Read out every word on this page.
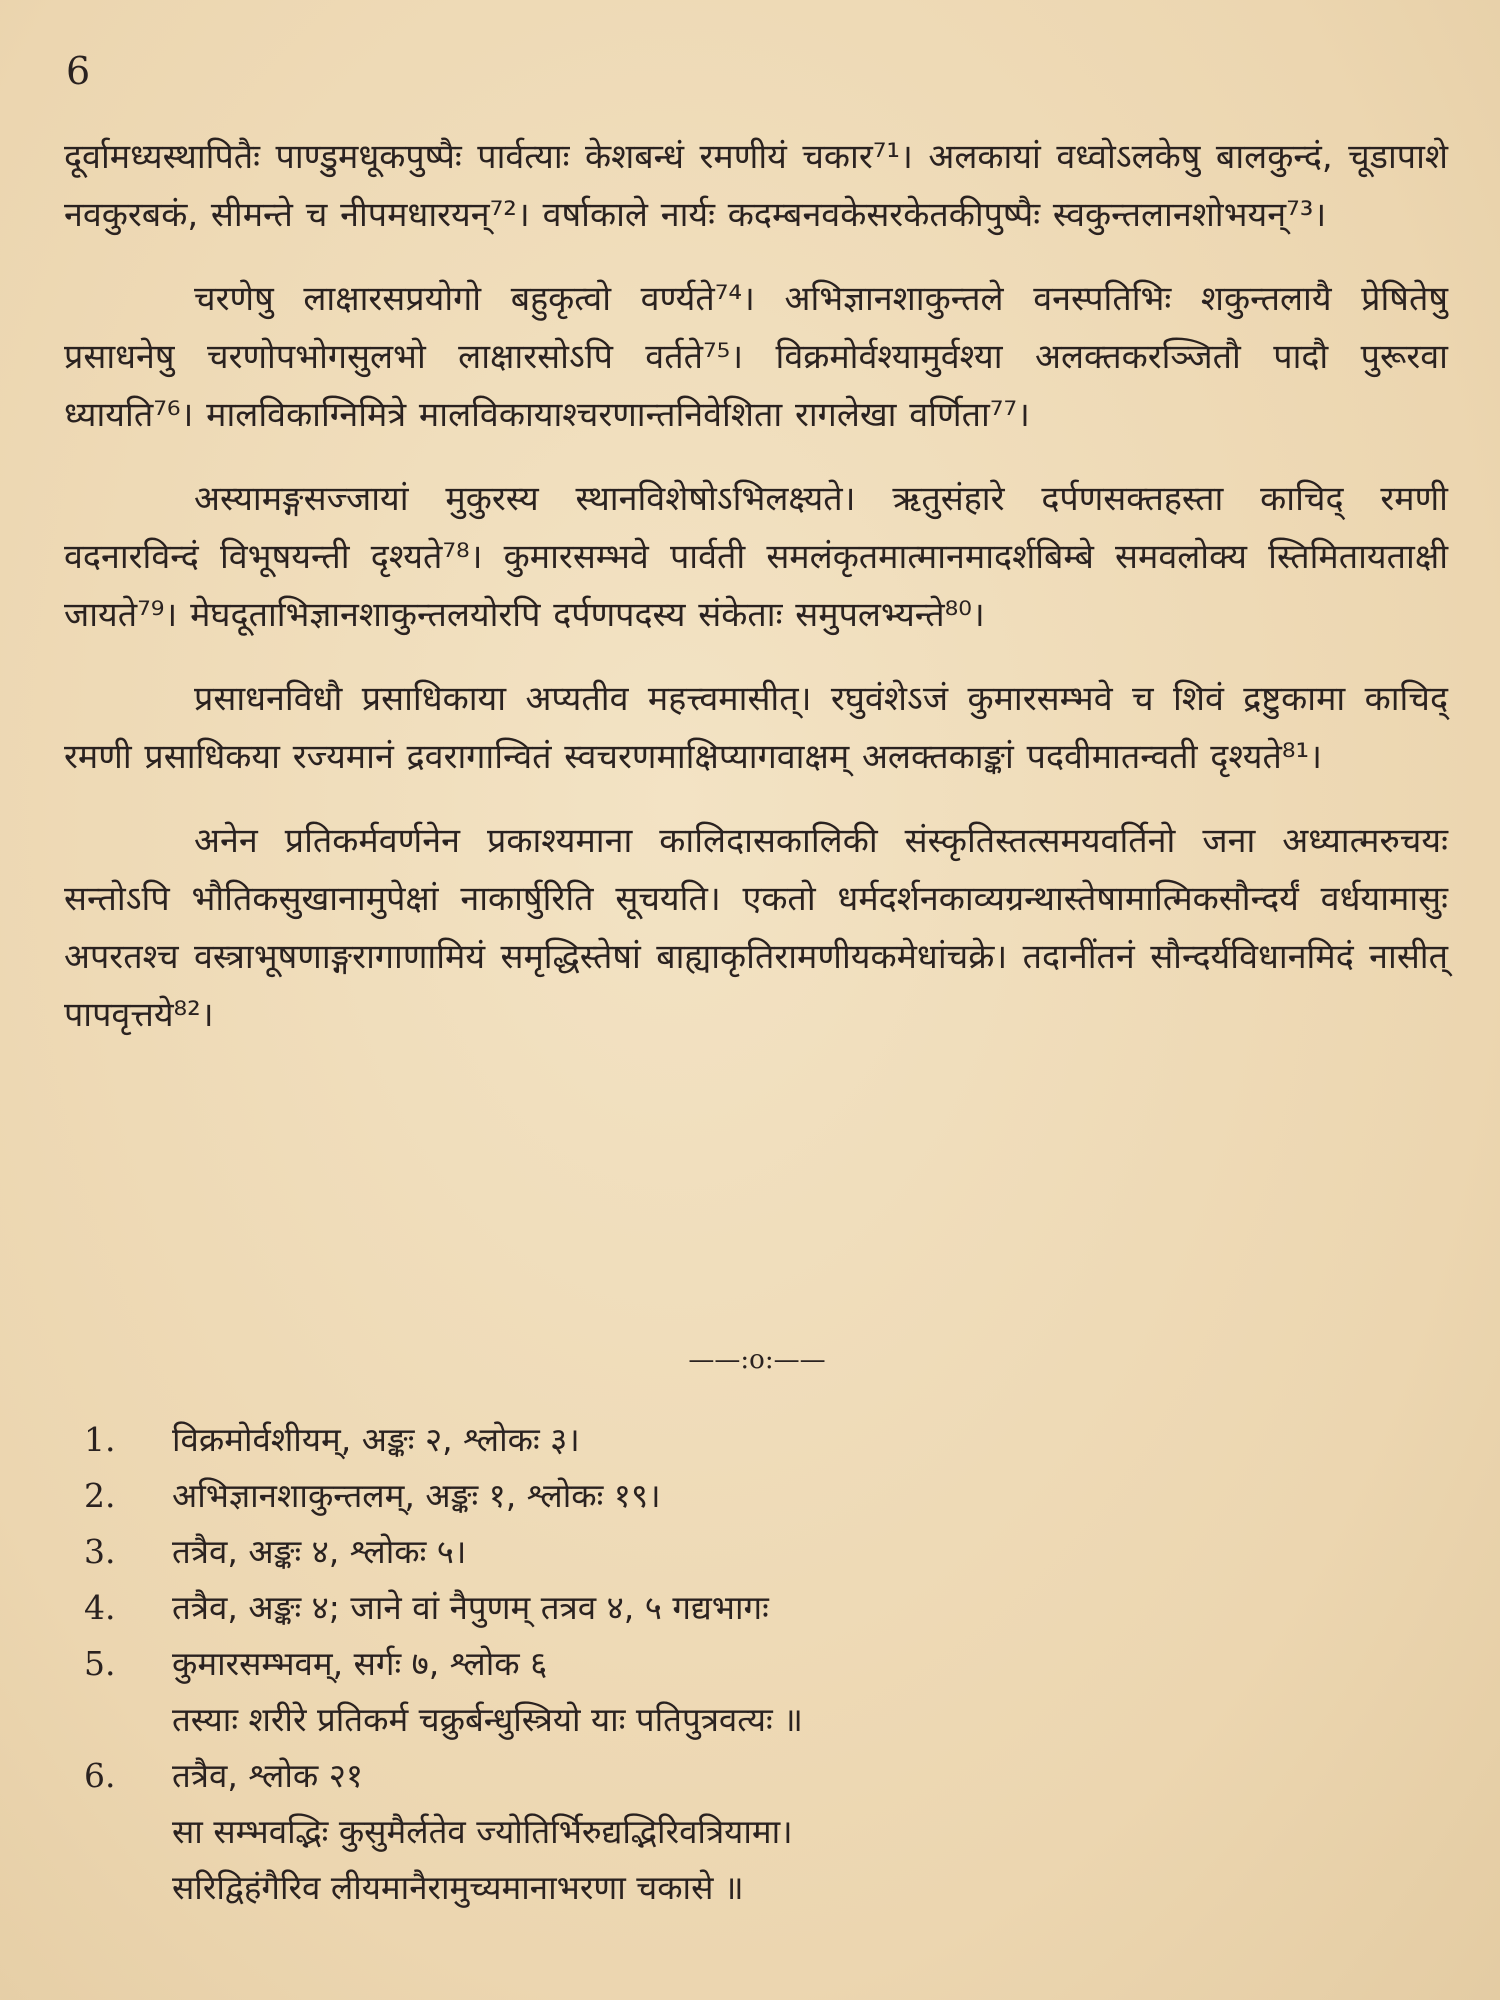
6

दूर्वामध्यस्थापितैः पाण्डुमधूकपुष्पैः पार्वत्याः केशबन्धं रमणीयं चकार⁷¹। अलकायां वध्वोऽलकेषु बालकुन्दं, चूडापाशे नवकुरबकं, सीमन्ते च नीपमधारयन्⁷²। वर्षाकाले नार्यः कदम्बनवकेसरकेतकीपुष्पैः स्वकुन्तलानशोभयन्⁷³।

चरणेषु लाक्षारसप्रयोगो बहुकृत्वो वर्ण्यते⁷⁴। अभिज्ञानशाकुन्तले वनस्पतिभिः शकुन्तलायै प्रेषितेषु प्रसाधनेषु चरणोपभोगसुलभो लाक्षारसोऽपि वर्तते⁷⁵। विक्रमोर्वश्यामुर्वश्या अलक्तकरञ्जितौ पादौ पुरूरवा ध्यायति⁷⁶। मालविकाग्निमित्रे मालविकायाश्चरणान्तनिवेशिता रागलेखा वर्णिता⁷⁷।

अस्यामङ्गसज्जायां मुकुरस्य स्थानविशेषोऽभिलक्ष्यते। ऋतुसंहारे दर्पणसक्तहस्ता काचिद् रमणी वदनारविन्दं विभूषयन्ती दृश्यते⁷⁸। कुमारसम्भवे पार्वती समलंकृतमात्मानमादर्शबिम्बे समवलोक्य स्तिमितायताक्षी जायते⁷⁹। मेघदूताभिज्ञानशाकुन्तलयोरपि दर्पणपदस्य संकेताः समुपलभ्यन्ते⁸⁰।

प्रसाधनविधौ प्रसाधिकाया अप्यतीव महत्त्वमासीत्। रघुवंशेऽजं कुमारसम्भवे च शिवं द्रष्टुकामा काचिद् रमणी प्रसाधिकया रज्यमानं द्रवरागान्वितं स्वचरणमाक्षिप्यागवाक्षम् अलक्तकाङ्कां पदवीमातन्वती दृश्यते⁸¹।

अनेन प्रतिकर्मवर्णनेन प्रकाश्यमाना कालिदासकालिकी संस्कृतिस्तत्समयवर्तिनो जना अध्यात्मरुचयः सन्तोऽपि भौतिकसुखानामुपेक्षां नाकार्षुरिति सूचयति। एकतो धर्मदर्शनकाव्यग्रन्थास्तेषामात्मिकसौन्दर्यं वर्धयामासुः अपरतश्च वस्त्राभूषणाङ्गरागाणामियं समृद्धिस्तेषां बाह्याकृतिरामणीयकमेधांचक्रे। तदानींतनं सौन्दर्यविधानमिदं नासीत् पापवृत्तये⁸²।

——:o:——
1.	विक्रमोर्वशीयम्, अङ्कः २, श्लोकः ३।
2.	अभिज्ञानशाकुन्तलम्, अङ्कः १, श्लोकः १९।
3.	तत्रैव, अङ्कः ४, श्लोकः ५।
4.	तत्रैव, अङ्कः ४; जाने वां नैपुणम् तत्रव ४, ५ गद्यभागः
5.	कुमारसम्भवम्, सर्गः ७, श्लोक ६
तस्याः शरीरे प्रतिकर्म चक्रुर्बन्धुस्त्रियो याः पतिपुत्रवत्यः ॥
6.	तत्रैव, श्लोक २१
सा सम्भवद्भिः कुसुमैर्लतेव ज्योतिर्भिरुद्यद्भिरिवत्रियामा।
सरिद्विहंगैरिव लीयमानैरामुच्यमानाभरणा चकासे ॥
